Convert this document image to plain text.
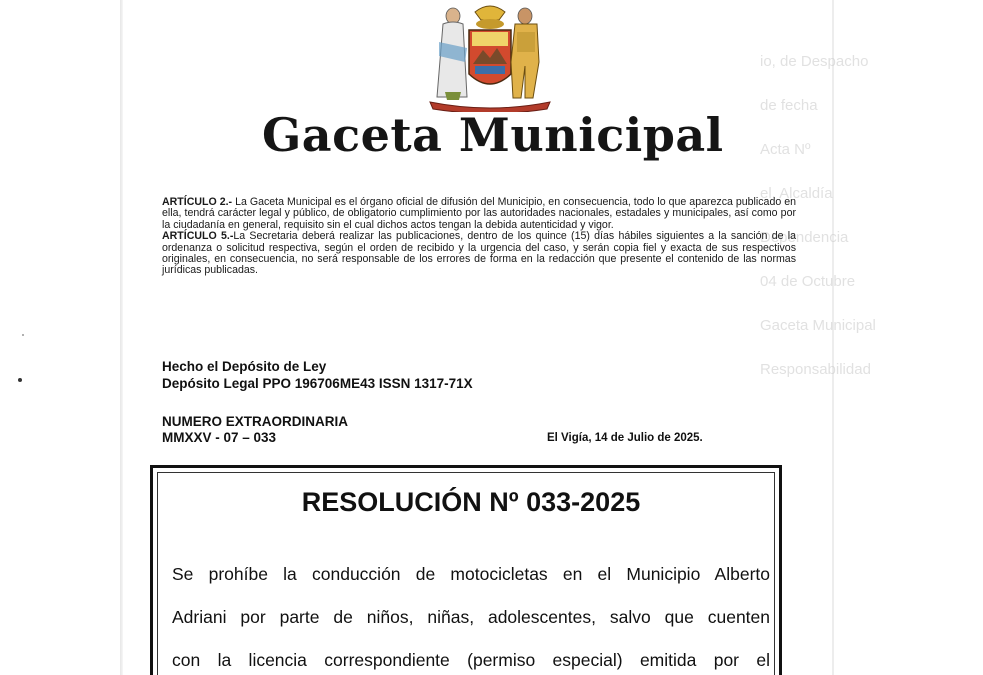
io, de Despacho
de fecha
Acta Nº
el. Alcaldía
Dependencia
04 de Octubre
Gaceta Municipal
Responsabilidad
Gaceta Municipal

ARTÍCULO 2.- La Gaceta Municipal es el órgano oficial de difusión del Municipio, en consecuencia, todo lo que aparezca publicado en ella, tendrá carácter legal y público, de obligatorio cumplimiento por las autoridades nacionales, estadales y municipales, así como por la ciudadanía en general, requisito sin el cual dichos actos tengan la debida autenticidad y vigor.

ARTÍCULO 5.-La Secretaria deberá realizar las publicaciones, dentro de los quince (15) días hábiles siguientes a la sanción de la ordenanza o solicitud respectiva, según el orden de recibido y la urgencia del caso, y serán copia fiel y exacta de sus respectivos originales, en consecuencia, no será responsable de los errores de forma en la redacción que presente el contenido de las normas jurídicas publicadas.

Hecho el Depósito de Ley
Depósito Legal PPO 196706ME43 ISSN 1317-71X
NUMERO EXTRAORDINARIA
MMXXV - 07 – 033	El Vigía, 14 de Julio de 2025.
RESOLUCIÓN Nº 033-2025
Se prohíbe la conducción de motocicletas en el Municipio Alberto
Adriani por parte de niños, niñas, adolescentes, salvo que cuenten
con la licencia correspondiente (permiso especial) emitida por el
